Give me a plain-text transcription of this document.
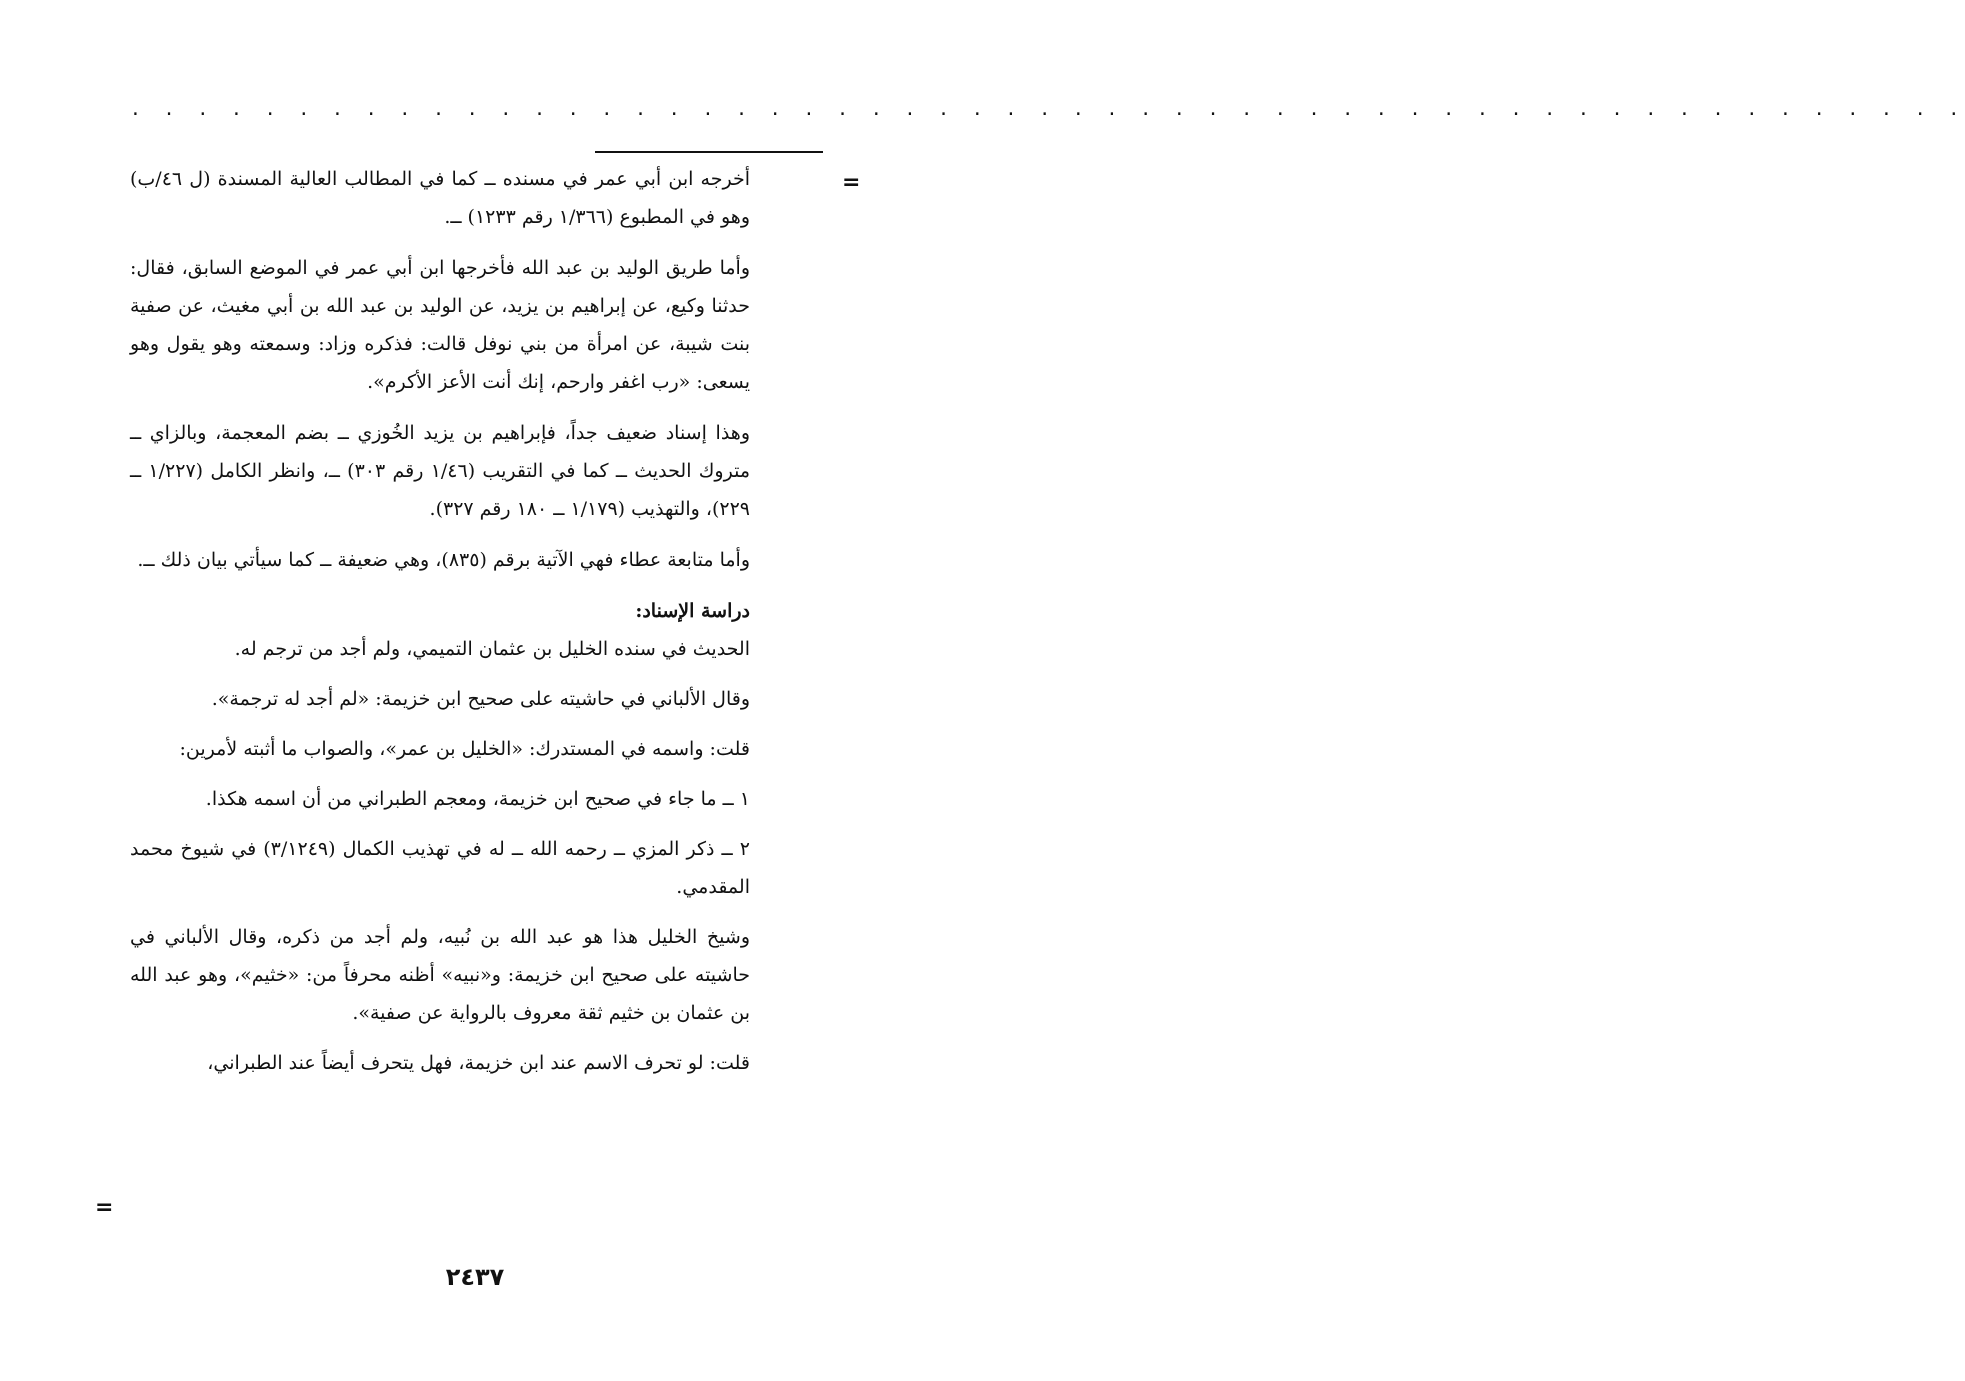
. . . . . . . . . . . . . . . . . . . . . . . . . . . . . . . . . . . . . . . . . . . . . . . . . . . . . . .
=

أخرجه ابن أبي عمر في مسنده ــ كما في المطالب العالية المسندة (ل ٤٦/ب) وهو في المطبوع (١/٣٦٦ رقم ١٢٣٣) ــ.

وأما طريق الوليد بن عبد الله فأخرجها ابن أبي عمر في الموضع السابق، فقال: حدثنا وكيع، عن إبراهيم بن يزيد، عن الوليد بن عبد الله بن أبي مغيث، عن صفية بنت شيبة، عن امرأة من بني نوفل قالت: فذكره وزاد: وسمعته وهو يقول وهو يسعى: «رب اغفر وارحم، إنك أنت الأعز الأكرم».

وهذا إسناد ضعيف جداً، فإبراهيم بن يزيد الخُوزي ــ بضم المعجمة، وبالزاي ــ متروك الحديث ــ كما في التقريب (١/٤٦ رقم ٣٠٣) ــ، وانظر الكامل (١/٢٢٧ ــ ٢٢٩)، والتهذيب (١/١٧٩ ــ ١٨٠ رقم ٣٢٧).

وأما متابعة عطاء فهي الآتية برقم (٨٣٥)، وهي ضعيفة ــ كما سيأتي بيان ذلك ــ.

دراسة الإسناد:

الحديث في سنده الخليل بن عثمان التميمي، ولم أجد من ترجم له.

وقال الألباني في حاشيته على صحيح ابن خزيمة: «لم أجد له ترجمة».

قلت: واسمه في المستدرك: «الخليل بن عمر»، والصواب ما أثبته لأمرين:

١ ــ ما جاء في صحيح ابن خزيمة، ومعجم الطبراني من أن اسمه هكذا.

٢ ــ ذكر المزي ــ رحمه الله ــ له في تهذيب الكمال (٣/١٢٤٩) في شيوخ محمد المقدمي.

وشيخ الخليل هذا هو عبد الله بن نُبيه، ولم أجد من ذكره، وقال الألباني في حاشيته على صحيح ابن خزيمة: و«نبيه» أظنه محرفاً من: «خثيم»، وهو عبد الله بن عثمان بن خثيم ثقة معروف بالرواية عن صفية».

قلت: لو تحرف الاسم عند ابن خزيمة، فهل يتحرف أيضاً عند الطبراني،

=
٢٤٣٧
